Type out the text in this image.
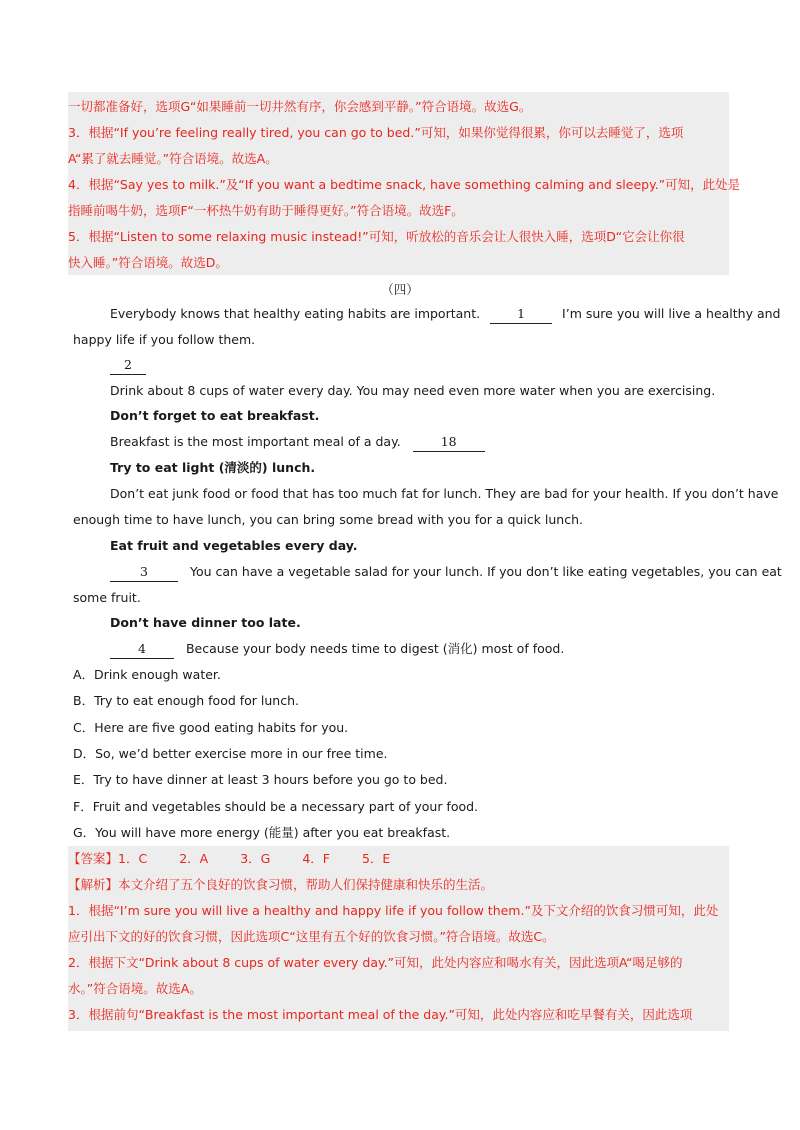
一切都准备好，选项G“如果睡前一切井然有序，你会感到平静。”符合语境。故选G。
3．根据“If you’re feeling really tired, you can go to bed.”可知，如果你觉得很累，你可以去睡觉了，选项
A“累了就去睡觉。”符合语境。故选A。
4．根据“Say yes to milk.”及“If you want a bedtime snack, have something calming and sleepy.”可知，此处是
指睡前喝牛奶，选项F“一杯热牛奶有助于睡得更好。”符合语境。故选F。
5．根据“Listen to some relaxing music instead!”可知，听放松的音乐会让人很快入睡，选项D“它会让你很
快入睡。”符合语境。故选D。
（四）
Everybody knows that healthy eating habits are important.	1	I’m sure you will live a healthy and
happy life if you follow them.
2
Drink about 8 cups of water every day. You may need even more water when you are exercising.
Don’t forget to eat breakfast.
Breakfast is the most important meal of a day.	18
Try to eat light (清淡的) lunch.
Don’t eat junk food or food that has too much fat for lunch. They are bad for your health. If you don’t have
enough time to have lunch, you can bring some bread with you for a quick lunch.
Eat fruit and vegetables every day.
3	You can have a vegetable salad for your lunch. If you don’t like eating vegetables, you can eat
some fruit.
Don’t have dinner too late.
4	Because your body needs time to digest (消化) most of food.
A．Drink enough water.
B．Try to eat enough food for lunch.
C．Here are five good eating habits for you.
D．So, we’d better exercise more in our free time.
E．Try to have dinner at least 3 hours before you go to bed.
F．Fruit and vegetables should be a necessary part of your food.
G．You will have more energy (能量) after you eat breakfast.
【答案】1．C	2．A	3．G	4．F	5．E
【解析】本文介绍了五个良好的饮食习惯，帮助人们保持健康和快乐的生活。
1．根据“I’m sure you will live a healthy and happy life if you follow them.”及下文介绍的饮食习惯可知，此处
应引出下文的好的饮食习惯，因此选项C“这里有五个好的饮食习惯。”符合语境。故选C。
2．根据下文“Drink about 8 cups of water every day.”可知，此处内容应和喝水有关，因此选项A“喝足够的
水。”符合语境。故选A。
3．根据前句“Breakfast is the most important meal of the day.”可知，此处内容应和吃早餐有关，因此选项
